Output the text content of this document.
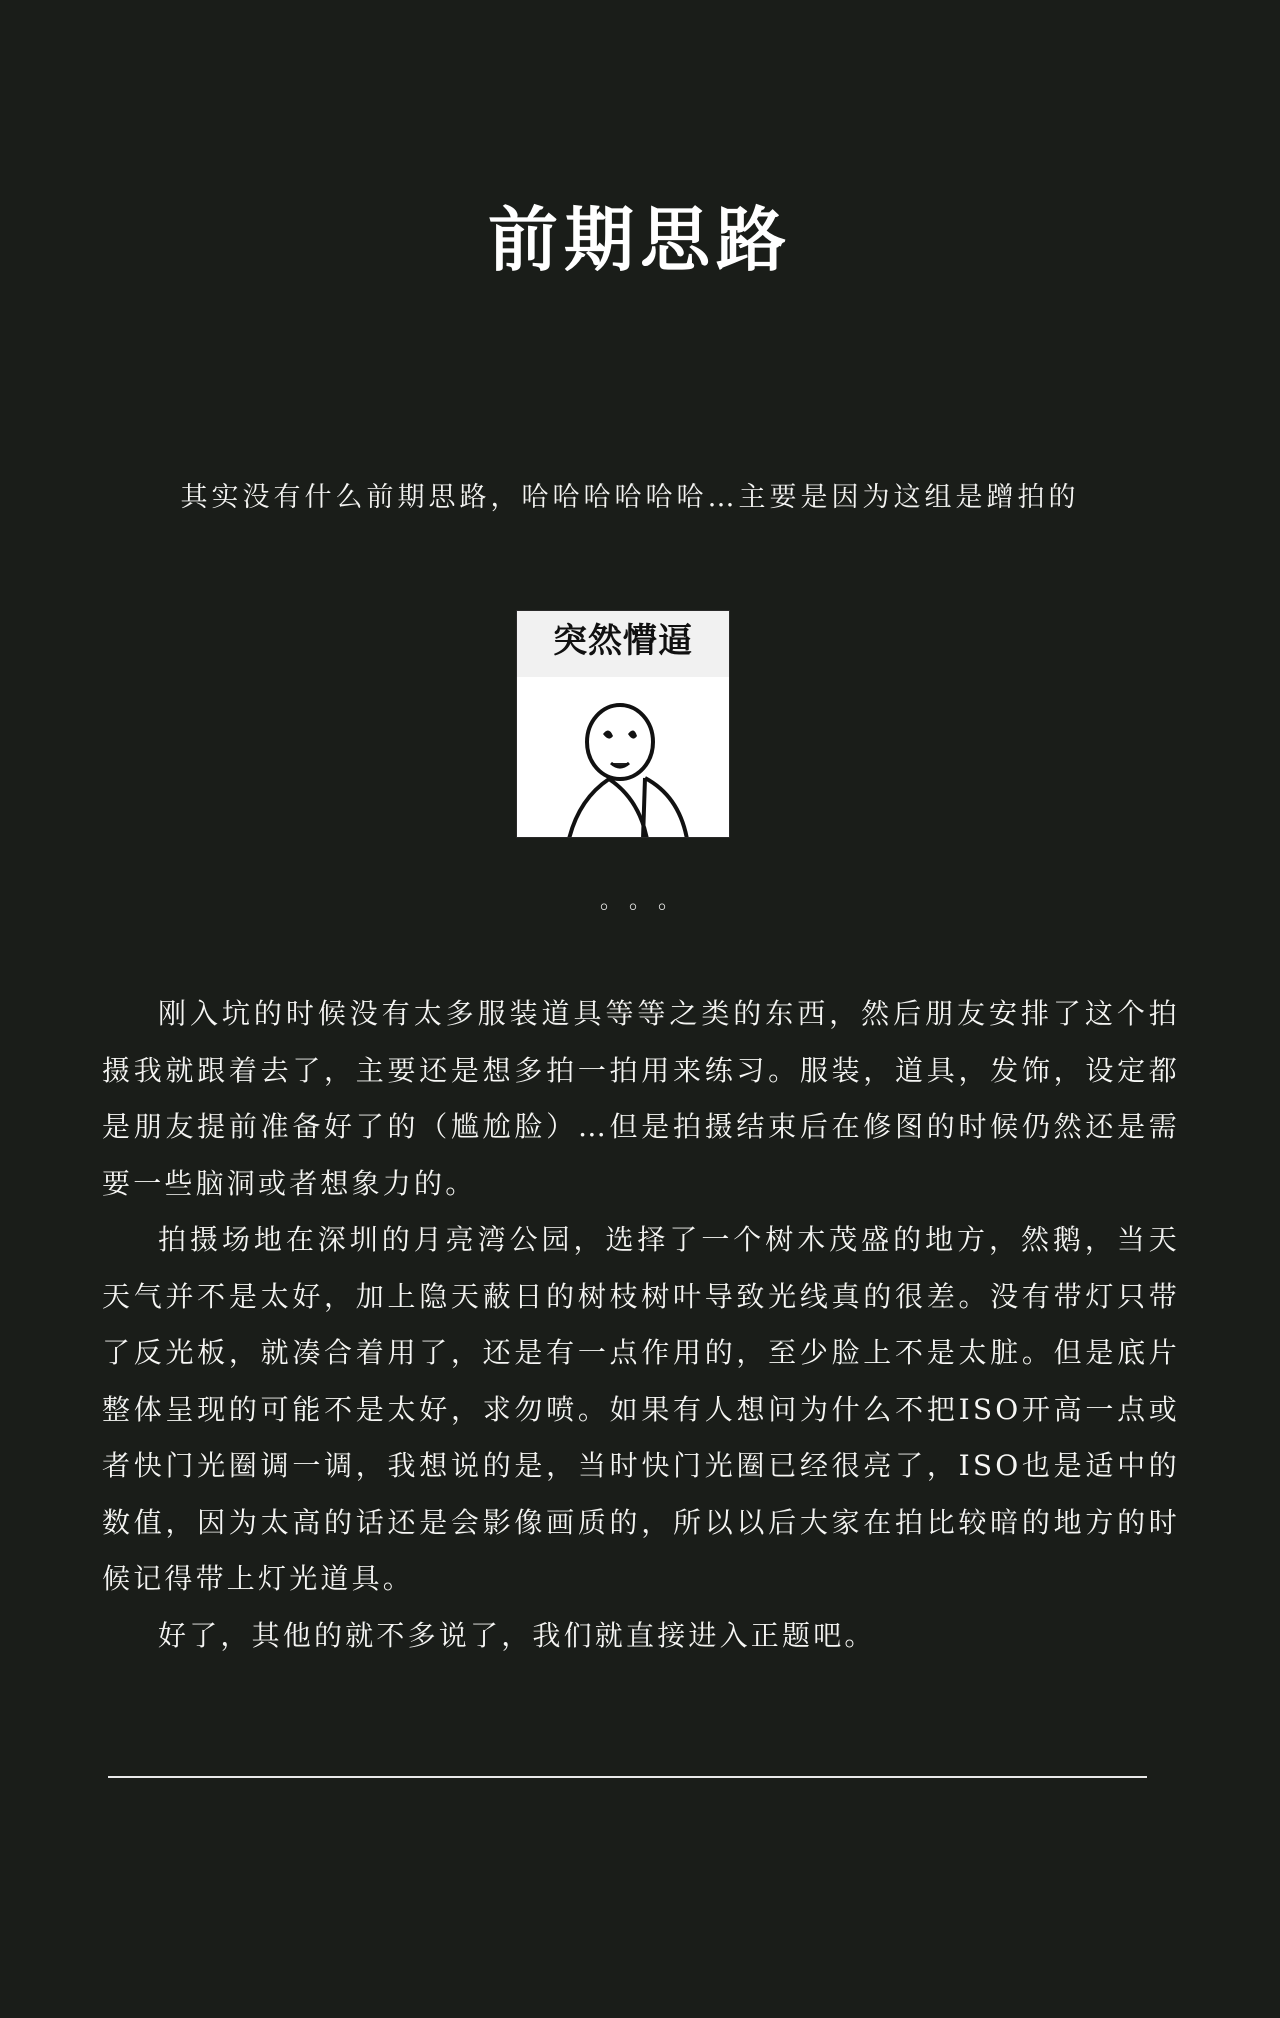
前期思路

其实没有什么前期思路，哈哈哈哈哈哈…主要是因为这组是蹭拍的

突然懵逼
。。。

刚入坑的时候没有太多服装道具等等之类的东西，然后朋友安排了这个拍摄我就跟着去了，主要还是想多拍一拍用来练习。服装，道具，发饰，设定都是朋友提前准备好了的（尴尬脸）…但是拍摄结束后在修图的时候仍然还是需要一些脑洞或者想象力的。

拍摄场地在深圳的月亮湾公园，选择了一个树木茂盛的地方，然鹅，当天天气并不是太好，加上隐天蔽日的树枝树叶导致光线真的很差。没有带灯只带了反光板，就凑合着用了，还是有一点作用的，至少脸上不是太脏。但是底片整体呈现的可能不是太好，求勿喷。如果有人想问为什么不把ISO开高一点或者快门光圈调一调，我想说的是，当时快门光圈已经很亮了，ISO也是适中的数值，因为太高的话还是会影像画质的，所以以后大家在拍比较暗的地方的时候记得带上灯光道具。

好了，其他的就不多说了，我们就直接进入正题吧。
